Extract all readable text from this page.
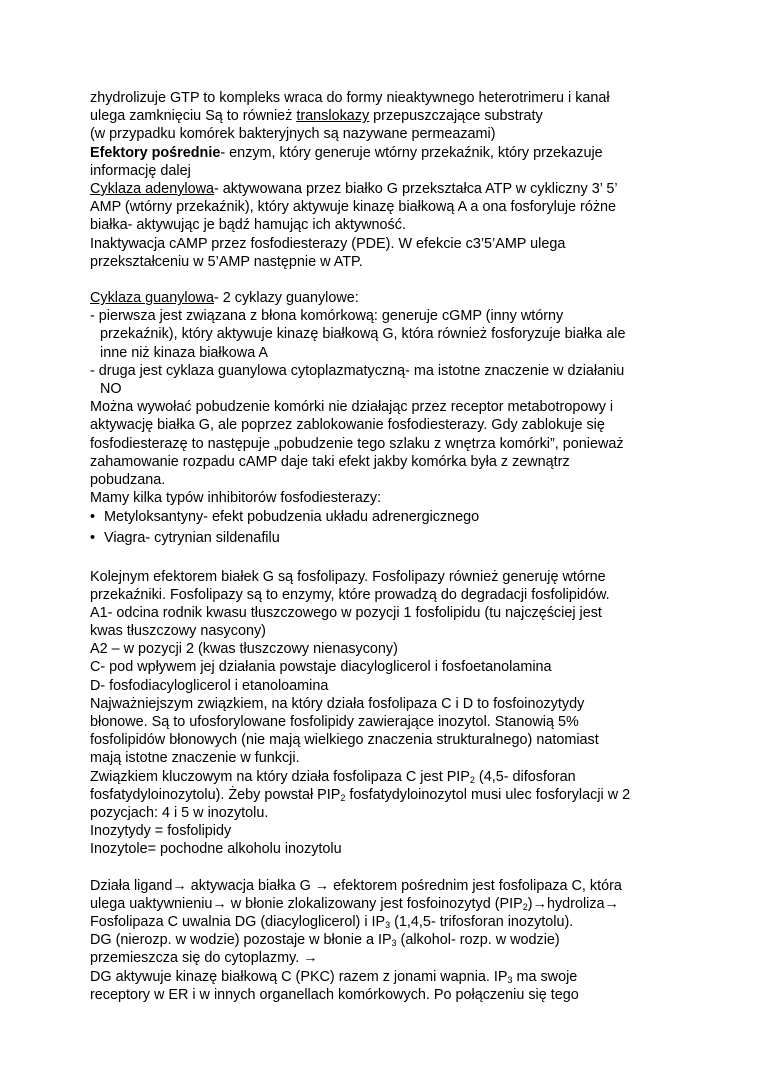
zhydrolizuje GTP to kompleks wraca do formy nieaktywnego heterotrimeru i kanał
ulega zamknięciu Są to również translokazy przepuszczające substraty
(w przypadku komórek bakteryjnych są nazywane permeazami)
Efektory pośrednie- enzym, który generuje wtórny przekaźnik, który przekazuje
informację dalej
Cyklaza adenylowa- aktywowana przez białko G przekształca ATP w cykliczny 3’ 5’
AMP (wtórny przekaźnik), który aktywuje kinazę białkową A a ona fosforyluje różne
białka- aktywując je bądź hamując ich aktywność.
Inaktywacja cAMP przez fosfodiesterazy (PDE). W efekcie c3’5’AMP ulega
przekształceniu w 5’AMP następnie w ATP.
Cyklaza guanylowa- 2 cyklazy guanylowe:
- pierwsza jest związana z błona komórkową: generuje cGMP (inny wtórny
przekaźnik), który aktywuje kinazę białkową G, która również fosforyzuje białka ale
inne niż kinaza białkowa A
- druga jest cyklaza guanylowa cytoplazmatyczną- ma istotne znaczenie w działaniu
NO
Można wywołać pobudzenie komórki nie działając przez receptor metabotropowy i
aktywację białka G, ale poprzez zablokowanie fosfodiesterazy. Gdy zablokuje się
fosfodiesterazę to następuje „pobudzenie tego szlaku z wnętrza komórki”, ponieważ
zahamowanie rozpadu cAMP daje taki efekt jakby komórka była z zewnątrz
pobudzana.
Mamy kilka typów inhibitorów fosfodiesterazy:
• Metyloksantyny- efekt pobudzenia układu adrenergicznego
• Viagra- cytrynian sildenafilu
Kolejnym efektorem białek G są fosfolipazy. Fosfolipazy również generuję wtórne
przekaźniki. Fosfolipazy są to enzymy, które prowadzą do degradacji fosfolipidów.
A1- odcina rodnik kwasu tłuszczowego w pozycji 1 fosfolipidu (tu najczęściej jest
kwas tłuszczowy nasycony)
A2 – w pozycji 2 (kwas tłuszczowy nienasycony)
C- pod wpływem jej działania powstaje diacyloglicerol i fosfoetanolamina
D- fosfodiacyloglicerol i etanoloamina
Najważniejszym związkiem, na który działa fosfolipaza C i D to fosfoinozytydy
błonowe. Są to ufosforylowane fosfolipidy zawierające inozytol. Stanowią 5%
fosfolipidów błonowych (nie mają wielkiego znaczenia strukturalnego) natomiast
mają istotne znaczenie w funkcji.
Związkiem kluczowym na który działa fosfolipaza C jest $PIP_2$ (4,5- difosforan
fosfatydyloinozytolu). Żeby powstał $PIP_2$ fosfatydyloinozytol musi ulec fosforylacji w 2
pozycjach: 4 i 5 w inozytolu.
Inozytydy = fosfolipidy
Inozytole= pochodne alkoholu inozytolu
Działa ligand→ aktywacja białka G → efektorem pośrednim jest fosfolipaza C, która
ulega uaktywnieniu→ w błonie zlokalizowany jest fosfoinozytyd $(PIP_2)\to hydroliza\to$
Fosfolipaza C uwalnia DG (diacyloglicerol) i $IP_3$ (1,4,5- trifosforan inozytolu).
DG (nierozp. w wodzie) pozostaje w błonie a $IP_3$ (alkohol- rozp. w wodzie)
przemieszcza się do cytoplazmy. →
DG aktywuje kinazę białkową C (PKC) razem z jonami wapnia. $IP_3$ ma swoje
receptory w ER i w innych organellach komórkowych. Po połączeniu się tego
